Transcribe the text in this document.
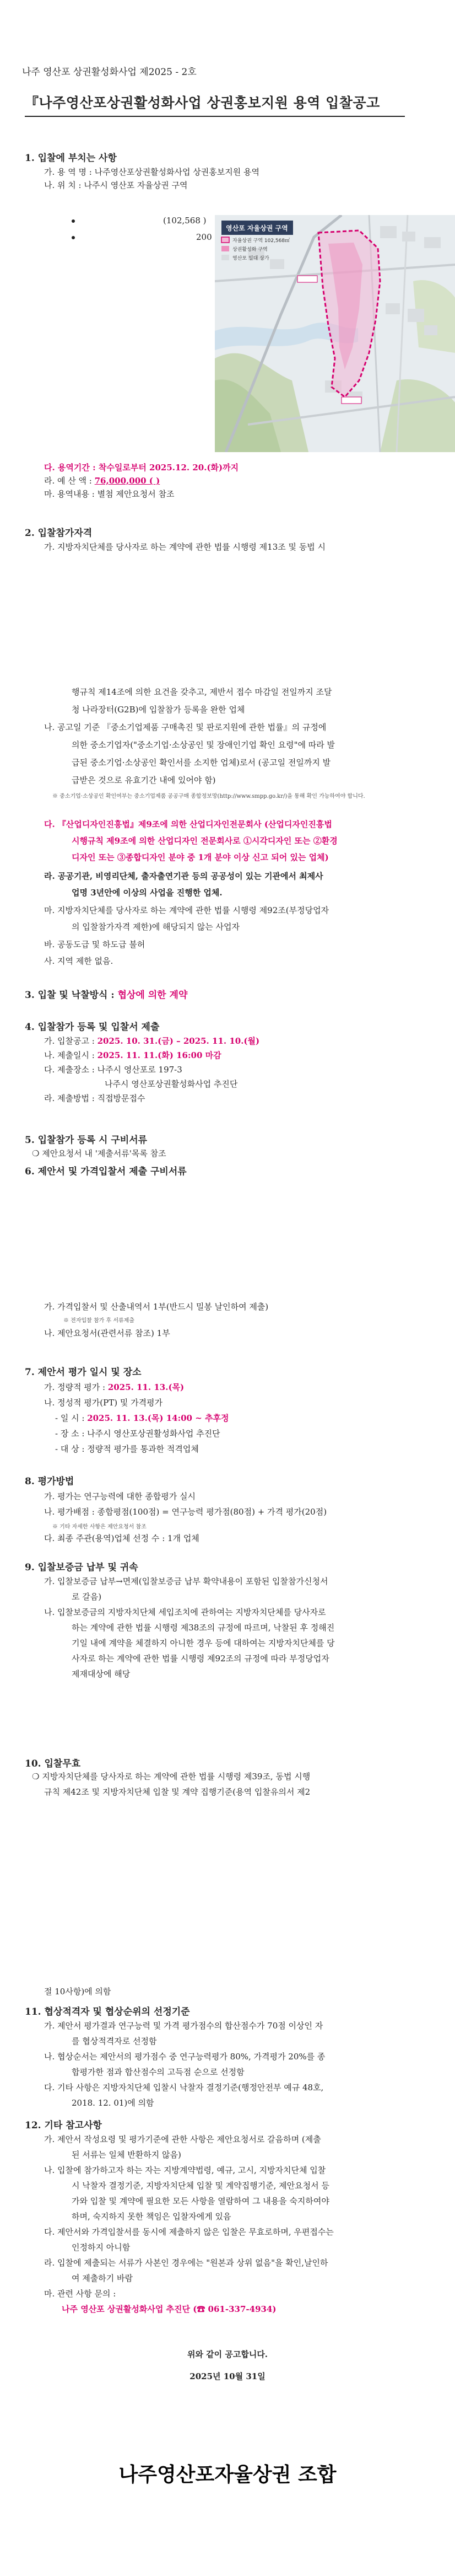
나주 영산포 상권활성화사업 제2025 - 2호
『나주영산포상권활성화사업 상권홍보지원 용역 입찰공고
1. 입찰에 부치는 사항
가. 용 역 명 : 나주영산포상권활성화사업 상권홍보지원 용역
나. 위 치 : 나주시 영산포 자율상권 구역
(102,568 )
200
영산포 자율상권 구역
자율상권 구역 102,568㎡
상권활성화 구역
영산포 일대 상가
다. 용역기간 : 착수일로부터 2025.12. 20.(화)까지
라. 예 산 액 : 76,000,000 ( )
마. 용역내용 : 별첨 제안요청서 참조
2. 입찰참가자격
가. 지방자치단체를 당사자로 하는 계약에 관한 법률 시행령 제13조 및 동법 시
행규칙 제14조에 의한 요건을 갖추고, 제반서 접수 마감일 전일까지 조달
청 나라장터(G2B)에 입찰참가 등록을 완한 업체
나. 공고일 기준 『중소기업제품 구매촉진 및 판로지원에 관한 법률』의 규정에
의한 중소기업자("중소기업·소상공인 및 장애인기업 확인 요령"에 따라 발
급된 중소기업·소상공인 확인서를 소지한 업체)로서 (공고일 전일까지 발
급받은 것으로 유효기간 내에 있어야 함)
※ 중소기업·소상공인 확인여부는 중소기업제품 공공구매 종합정보망(http://www.smpp.go.kr/)을 통해 확인 가능하여야 합니다.
다. 『산업디자인진흥법』제9조에 의한 산업디자인전문회사 (산업디자인진흥법
시행규칙 제9조에 의한 산업디자인 전문회사로 ①시각디자인 또는 ②환경
디자인 또는 ③종합디자인 분야 중 1개 분야 이상 신고 되어 있는 업체)
라. 공공기관, 비영리단체, 출자출연기관 등의 공공성이 있는 기관에서 최제사
업명 3년안에 이상의 사업을 진행한 업체.
마. 지방자치단체를 당사자로 하는 계약에 관한 법률 시행령 제92조(부정당업자
의 입찰참가자격 제한)에 해당되지 않는 사업자
바. 공동도급 및 하도급 불허
사. 지역 제한 없음.
3. 입찰 및 낙찰방식 : 협상에 의한 계약
4. 입찰참가 등록 및 입찰서 제출
가. 입찰공고 : 2025. 10. 31.(금) – 2025. 11. 10.(월)
나. 제출일시 : 2025. 11. 11.(화) 16:00 마감
다. 제출장소 : 나주시 영산포로 197-3
나주시 영산포상권활성화사업 추진단
라. 제출방법 : 직접방문접수
5. 입찰참가 등록 시 구비서류
❍ 제안요청서 내 '제출서류'목록 참조
6. 제안서 및 가격입찰서 제출 구비서류
가. 가격입찰서 및 산출내역서 1부(반드시 밀봉 날인하여 제출)
※ 전자입찰 참가 후 서류제출
나. 제안요청서(관련서류 참조) 1부
7. 제안서 평가 일시 및 장소
가. 정량적 평가 : 2025. 11. 13.(목)
나. 정성적 평가(PT) 및 가격평가
- 일 시 : 2025. 11. 13.(목) 14:00 ~ 추후정
- 장 소 : 나주시 영산포상권활성화사업 추진단
- 대 상 : 정량적 평가를 통과한 적격업체
8. 평가방법
가. 평가는 연구능력에 대한 종합평가 실시
나. 평가배점 : 종합평점(100점) = 연구능력 평가점(80점) + 가격 평가(20점)
※ 기타 자세한 사항은 제안요청서 참조
다. 최종 주관(용역)업체 선정 수 : 1개 업체
9. 입찰보증금 납부 및 귀속
가. 입찰보증금 납부→면제(입찰보증금 납부 확약내용이 포함된 입찰참가신청서
로 갈음)
나. 입찰보증금의 지방자치단체 세입조치에 관하여는 지방자치단체를 당사자로
하는 계약에 관한 법률 시행령 제38조의 규정에 따르며, 낙찰된 후 정해진
기일 내에 계약을 체결하지 아니한 경우 등에 대하여는 지방자치단체를 당
사자로 하는 계약에 관한 법률 시행령 제92조의 규정에 따라 부정당업자
제재대상에 해당
10. 입찰무효
❍ 지방자치단체를 당사자로 하는 계약에 관한 법률 시행령 제39조, 동법 시행
규칙 제42조 및 지방자치단체 입찰 및 계약 집행기준(용역 입찰유의서 제2
절 10사항)에 의함
11. 협상적격자 및 협상순위의 선정기준
가. 제안서 평가결과 연구능력 및 가격 평가점수의 합산점수가 70점 이상인 자
를 협상적격자로 선정함
나. 협상순서는 제안서의 평가점수 중 연구능력평가 80%, 가격평가 20%를 종
합평가한 점과 합산점수의 고득점 순으로 선정함
다. 기타 사항은 지방자치단체 입찰시 낙찰자 결정기준(행정안전부 예규 48호,
2018. 12. 01)에 의함
12. 기타 참고사항
가. 제안서 작성요령 및 평가기준에 관한 사항은 제안요청서로 갈음하며 (제출
된 서류는 일체 반환하지 않음)
나. 입찰에 참가하고자 하는 자는 지방계약법령, 예규, 고시, 지방자치단체 입찰
시 낙찰자 결정기준, 지방자치단체 입찰 및 계약집행기준, 제안요청서 등
가와 입찰 및 계약에 필요한 모든 사항을 열람하여 그 내용을 숙지하여야
하며, 숙지하지 못한 책임은 입찰자에게 있음
다. 제안서와 가격입찰서를 동시에 제출하지 않은 입찰은 무효로하며, 우편접수는
인정하지 아니함
라. 입찰에 제출되는 서류가 사본인 경우에는 "원본과 상위 없음"을 확인,날인하
여 제출하기 바람
마. 관련 사항 문의 :
나주 영산포 상권활성화사업 추진단 (☎ 061-337-4934)
위와 같이 공고합니다.
2025년 10월 31일
나주영산포자율상권 조합
